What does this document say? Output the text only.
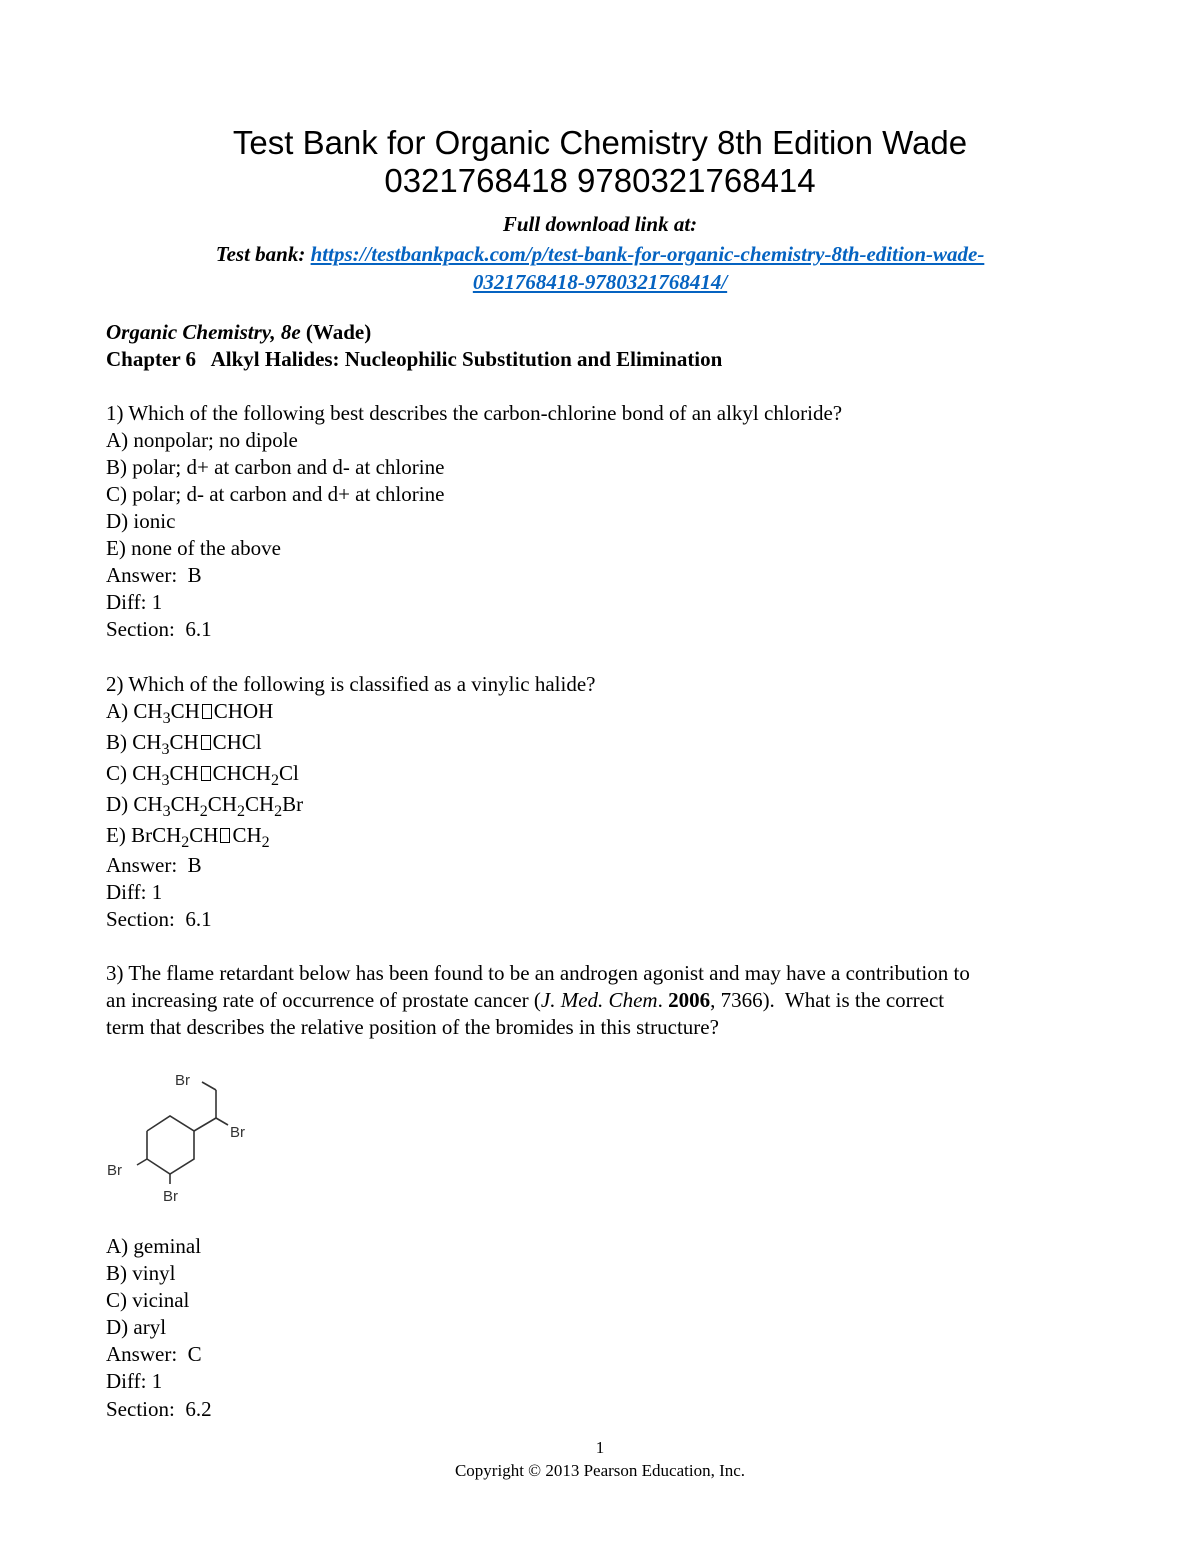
Test Bank for Organic Chemistry 8th Edition Wade
0321768418 9780321768414
Full download link at:
Test bank: https://testbankpack.com/p/test-bank-for-organic-chemistry-8th-edition-wade-
0321768418-9780321768414/
Organic Chemistry, 8e (Wade)
Chapter 6   Alkyl Halides: Nucleophilic Substitution and Elimination
1) Which of the following best describes the carbon-chlorine bond of an alkyl chloride?
A) nonpolar; no dipole
B) polar; d+ at carbon and d- at chlorine
C) polar; d- at carbon and d+ at chlorine
D) ionic
E) none of the above
Answer:  B
Diff: 1
Section:  6.1
2) Which of the following is classified as a vinylic halide?
A) $CH_3CH$ CHOH
B) $CH_3CH$ CHCl
C) $CH_3CH$ $CHCH_2Cl$
D) $CH_3CH_2CH_2CH_2Br$
E) BrCH$_2$CH $CH_2$
Answer:  B
Diff: 1
Section:  6.1
3) The flame retardant below has been found to be an androgen agonist and may have a contribution to
an increasing rate of occurrence of prostate cancer (J. Med. Chem. 2006, 7366).  What is the correct
term that describes the relative position of the bromides in this structure?
Br
Br
Br
Br
A) geminal
B) vinyl
C) vicinal
D) aryl
Answer:  C
Diff: 1
Section:  6.2
1
Copyright © 2013 Pearson Education, Inc.
